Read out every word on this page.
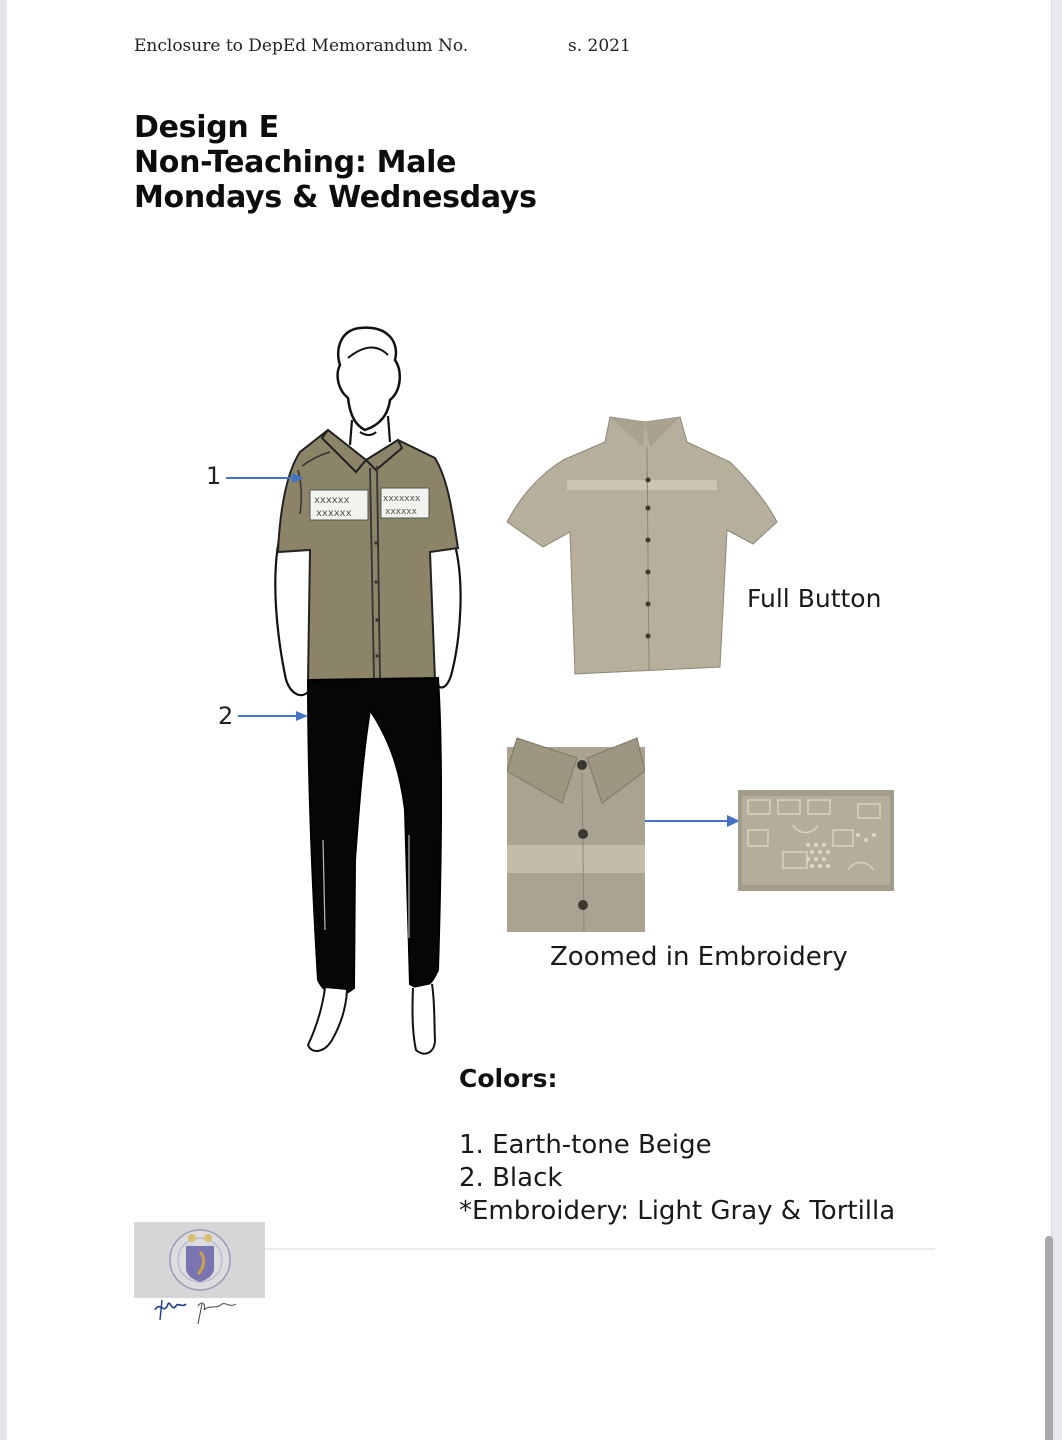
Enclosure to DepEd Memorandum No.	s. 2021
Design E
Non-Teaching: Male
Mondays & Wednesdays
xxxxxx
xxxxxx
xxxxxxx
xxxxxx
1
2
Full Button
Zoomed in Embroidery
Colors:
1. Earth-tone Beige
2. Black
*Embroidery: Light Gray & Tortilla
